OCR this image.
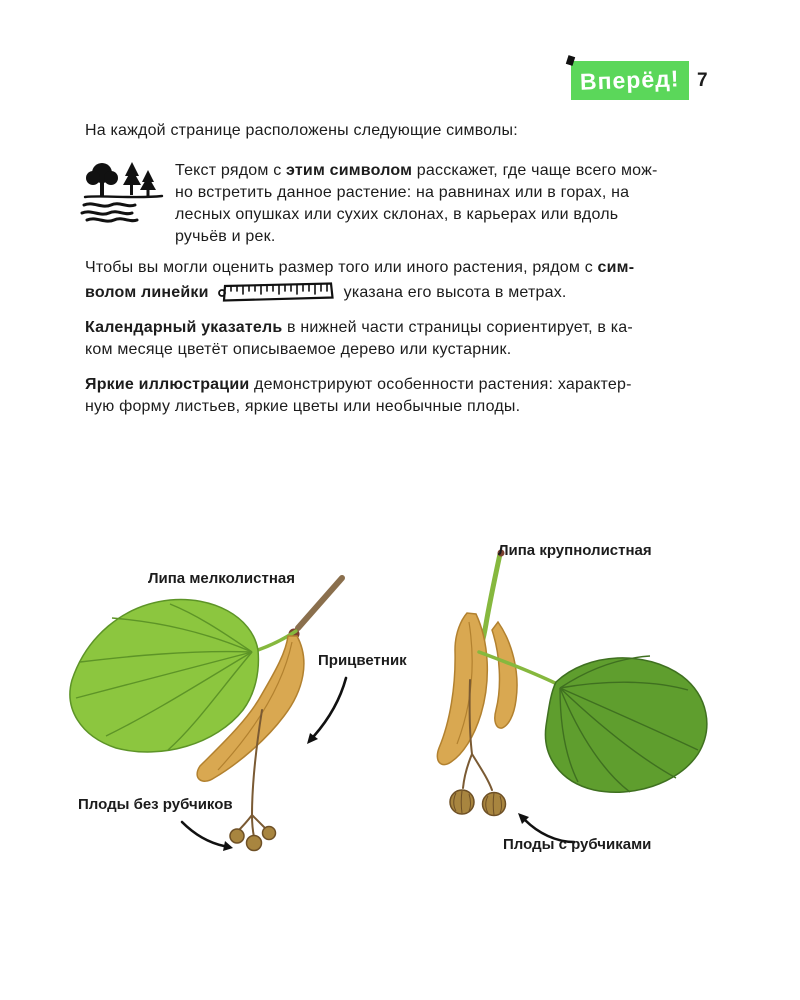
Вперёд! 7

На каждой странице расположены следующие символы:

Текст рядом с этим символом расскажет, где чаще всего мож-
но встретить данное растение: на равнинах или в горах, на
лесных опушках или сухих склонах, в карьерах или вдоль
ручьёв и рек.

Чтобы вы могли оценить размер того или иного растения, рядом с сим-
волом линейки	указана его высота в метрах.

Календарный указатель в нижней части страницы сориентирует, в ка-
ком месяце цветёт описываемое дерево или кустарник.

Яркие иллюстрации демонстрируют особенности растения: характер-
ную форму листьев, яркие цветы или необычные плоды.

Липа мелколистная
Прицветник
Плоды без рубчиков
Липа крупнолистная
Плоды с рубчиками
